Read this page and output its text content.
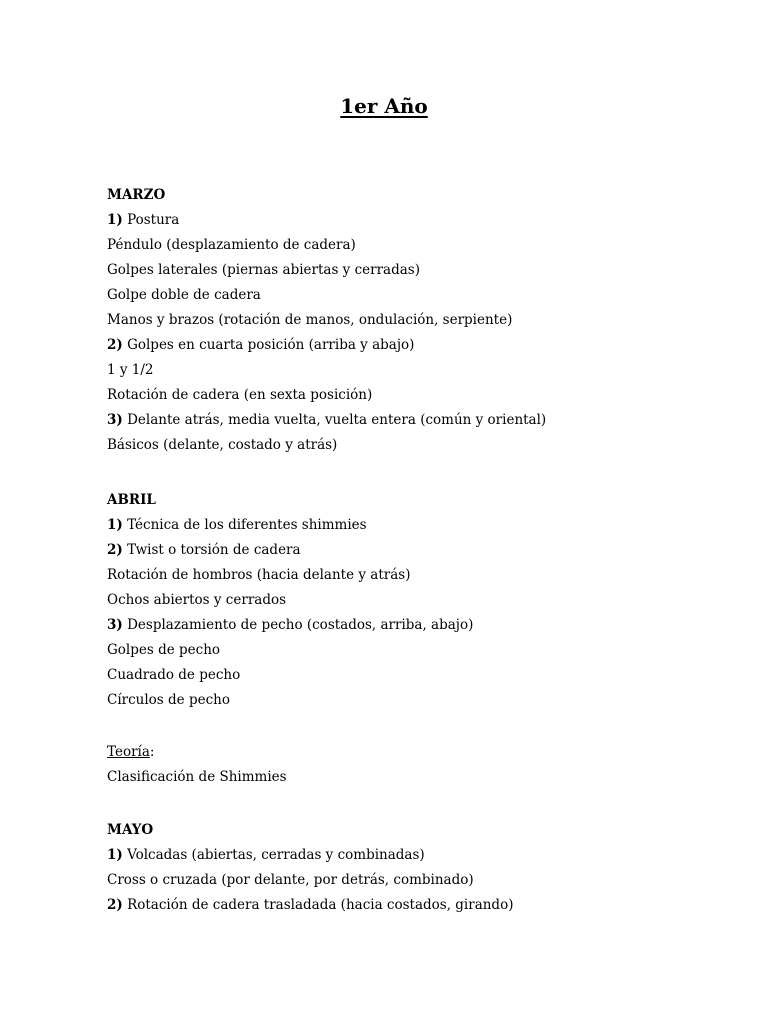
1er Año
MARZO
1) Postura
Péndulo (desplazamiento de cadera)
Golpes laterales (piernas abiertas y cerradas)
Golpe doble de cadera
Manos y brazos (rotación de manos, ondulación, serpiente)
2) Golpes en cuarta posición (arriba y abajo)
1 y 1/2
Rotación de cadera (en sexta posición)
3) Delante atrás, media vuelta, vuelta entera (común y oriental)
Básicos (delante, costado y atrás)
ABRIL
1) Técnica de los diferentes shimmies
2) Twist o torsión de cadera
Rotación de hombros (hacia delante y atrás)
Ochos abiertos y cerrados
3) Desplazamiento de pecho (costados, arriba, abajo)
Golpes de pecho
Cuadrado de pecho
Círculos de pecho
Teoría:
Clasificación de Shimmies
MAYO
1) Volcadas (abiertas, cerradas y combinadas)
Cross o cruzada (por delante, por detrás, combinado)
2) Rotación de cadera trasladada (hacia costados, girando)
